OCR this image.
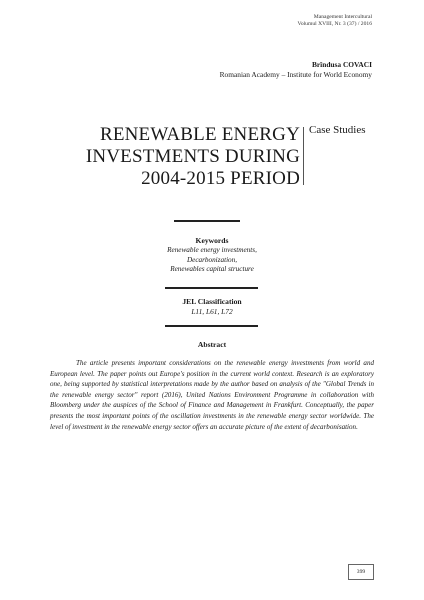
Management Intercultural
Volumul XVIII, Nr. 3 (37) / 2016
Brîndusa COVACI
Romanian Academy – Institute for World Economy
RENEWABLE ENERGY
INVESTMENTS DURING
2004-2015 PERIOD
Case Studies
Keywords
Renewable energy investments,
Decarbonization,
Renewables capital structure
JEL Classification
L11, L61, L72
Abstract

The article presents important considerations on the renewable energy investments from world and European level. The paper points out Europe's position in the current world context. Research is an exploratory one, being supported by statistical interpretations made by the author based on analysis of the "Global Trends in the renewable energy sector" report (2016), United Nations Environment Programme in collaboration with Bloomberg under the auspices of the School of Finance and Management in Frankfurt. Conceptually, the paper presents the most important points of the oscillation investments in the renewable energy sector worldwide. The level of investment in the renewable energy sector offers an accurate picture of the extent of decarbonisation.

399
